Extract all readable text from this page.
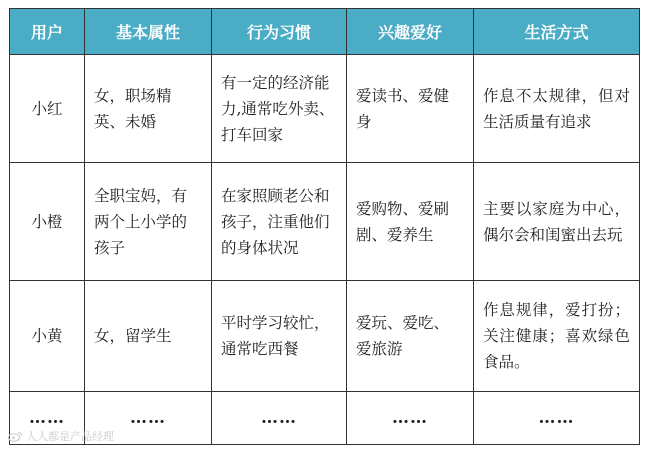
用户	基本属性	行为习惯	兴趣爱好	生活方式
小红	女，职场精英、未婚	有一定的经济能力,通常吃外卖、打车回家	爱读书、爱健身	作息不太规律，但对生活质量有追求
小橙	全职宝妈，有两个上小学的孩子	在家照顾老公和孩子，注重他们的身体状况	爱购物、爱刷剧、爱养生	主要以家庭为中心，偶尔会和闺蜜出去玩
小黄	女，留学生	平时学习较忙，通常吃西餐	爱玩、爱吃、爱旅游	作息规律，爱打扮；关注健康；喜欢绿色食品。
……	……	……	……	……
人人都是产品经理
